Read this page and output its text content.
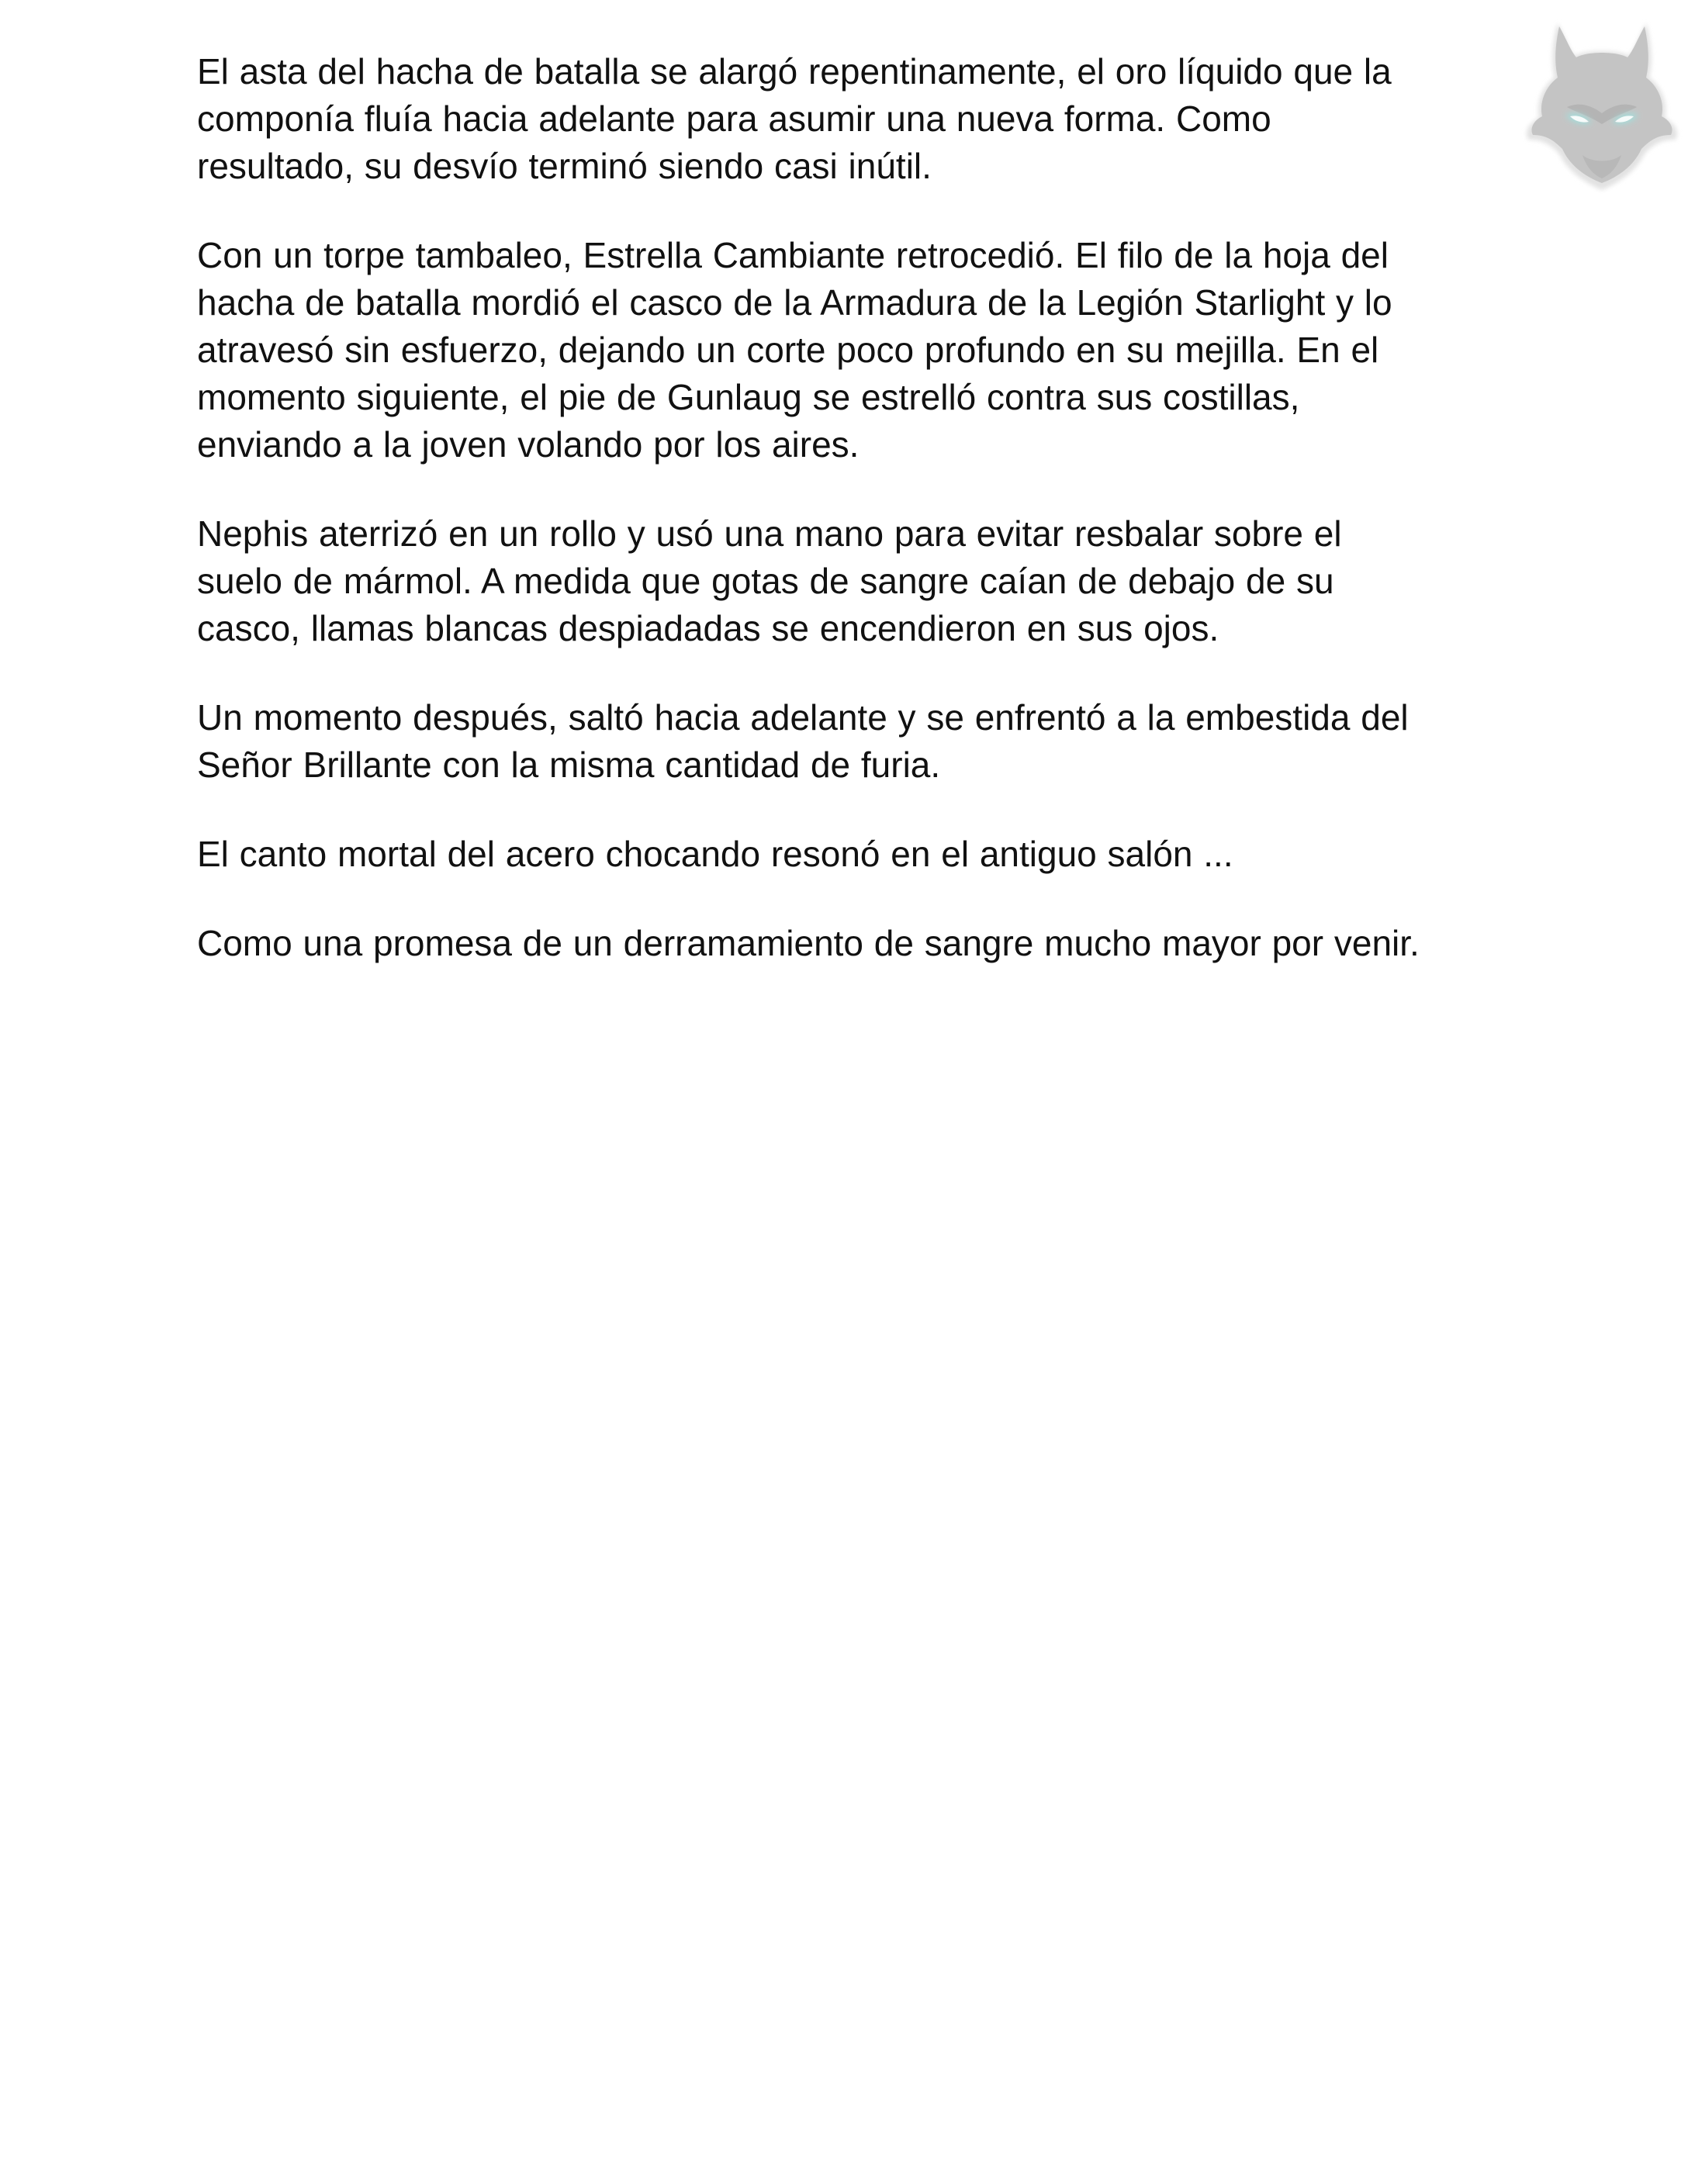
El asta del hacha de batalla se alargó repentinamente, el oro líquido que la
componía fluía hacia adelante para asumir una nueva forma. Como
resultado, su desvío terminó siendo casi inútil.

Con un torpe tambaleo, Estrella Cambiante retrocedió. El filo de la hoja del
hacha de batalla mordió el casco de la Armadura de la Legión Starlight y lo
atravesó sin esfuerzo, dejando un corte poco profundo en su mejilla. En el
momento siguiente, el pie de Gunlaug se estrelló contra sus costillas,
enviando a la joven volando por los aires.

Nephis aterrizó en un rollo y usó una mano para evitar resbalar sobre el
suelo de mármol. A medida que gotas de sangre caían de debajo de su
casco, llamas blancas despiadadas se encendieron en sus ojos.

Un momento después, saltó hacia adelante y se enfrentó a la embestida del
Señor Brillante con la misma cantidad de furia.

El canto mortal del acero chocando resonó en el antiguo salón ...

Como una promesa de un derramamiento de sangre mucho mayor por venir.
